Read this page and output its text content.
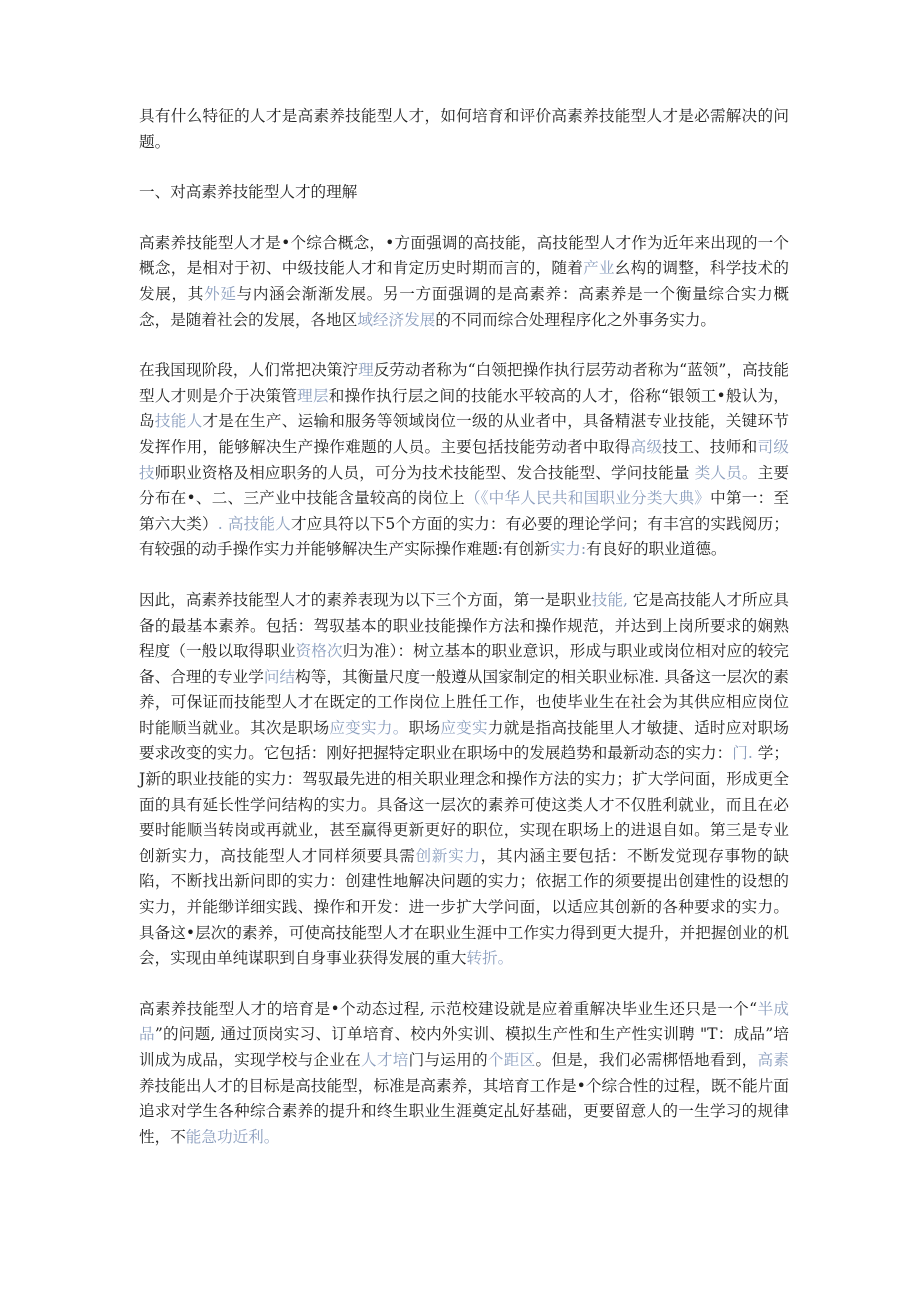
具有什么特征的人才是高素养技能型人才，如何培育和评价高素养技能型人才是必需解决的问题。

一、对高素养技能型人才的理解

高素养技能型人才是•个综合概念，•方面强调的高技能，高技能型人才作为近年来出现的一个概念，是相对于初、中级技能人才和肯定历史时期而言的，随着产业幺构的调整，科学技术的发展，其外延与内涵会渐渐发展。另一方面强调的是高素养：高素养是一个衡量综合实力概念，是随着社会的发展，各地区域经济发展的不同而综合处理程序化之外事务实力。

在我国现阶段，人们常把决策泞理反劳动者称为“白领把操作执行层劳动者称为“蓝领”，高技能型人才则是介于决策管理层和操作执行层之间的技能水平较高的人才，俗称“银领工•般认为，岛技能人才是在生产、运输和服务等领域岗位一级的从业者中，具备精湛专业技能，关键环节发挥作用，能够解决生产操作难题的人员。主要包括技能劳动者中取得高级技工、技师和司级技师职业资格及相应职务的人员，可分为技术技能型、发合技能型、学问技能量 类人员。主要分布在•、二、三产业中技能含量较高的岗位上（《中华人民共和国职业分类大典》中第一：至第六大类）. 高技能人才应具符以下5个方面的实力：有必要的理论学问；有丰宫的实践阅历；有较强的动手操作实力并能够解决生产实际操作难题:有创新实力:有良好的职业道德。

因此，高素养技能型人才的素养表现为以下三个方面，第一是职业技能, 它是高技能人才所应具备的最基本素养。包括：驾驭基本的职业技能操作方法和操作规范，并达到上岗所要求的娴熟程度（一般以取得职业资格次归为准）：树立基本的职业意识，形成与职业或岗位相对应的较完备、合理的专业学问结构等，其衡量尺度一般遵从国家制定的相关职业标准. 具备这一层次的素养，可保证而技能型人才在既定的工作岗位上胜任工作，也使毕业生在社会为其供应相应岗位时能顺当就业。其次是职场应变实力。职场应变实力就是指高技能里人才敏捷、适时应对职场要求改变的实力。它包括：刚好把握特定职业在职场中的发展趋势和最新动态的实力：门. 学；J新的职业技能的实力：驾驭最先进的相关职业理念和操作方法的实力；扩大学问面，形成更全面的具有延长性学问结构的实力。具备这一层次的素养可使这类人才不仅胜利就业，而且在必要时能顺当转岗或再就业，甚至赢得更新更好的职位，实现在职场上的进退自如。第三是专业创新实力，高技能型人才同样须要具需创新实力，其内涵主要包括：不断发觉现存事物的缺陷，不断找出新问即的实力：创建性地解决问题的实力；依据工作的须要提出创建性的设想的实力，并能缈详细实践、操作和开发：进一步扩大学问面，以适应其创新的各种要求的实力。具备这•层次的素养，可使高技能型人才在职业生涯中工作实力得到更大提升，并把握创业的机会，实现由单纯谋职到自身事业获得发展的重大转折。

高素养技能型人才的培育是•个动态过程, 示范校建设就是应着重解决毕业生还只是一个“半成品”的问题, 通过顶岗实习、订单培育、校内外实训、模拟生产性和生产性实训聘 "T：成品”培训成为成品，实现学校与企业在人才培门与运用的个距区。但是，我们必需梆悟地看到，高素养技能出人才的目标是高技能型，标准是高素养，其培育工作是•个综合性的过程，既不能片面追求对学生各种综合素养的提升和终生职业生涯奠定乩好基础，更要留意人的一生学习的规律性，不能急功近利。
